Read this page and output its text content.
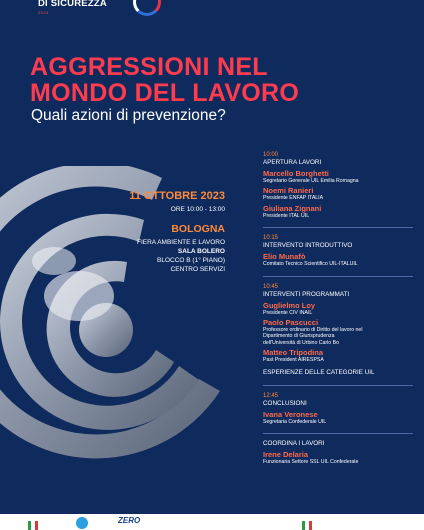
DI SICUREZZA
2023
AGGRESSIONI NEL
MONDO DEL LAVORO
Quali azioni di prevenzione?
11 OTTOBRE 2023
ORE 10:00 - 13:00
BOLOGNA
FIERA AMBIENTE E LAVORO
SALA BOLERO
BLOCCO B (1° PIANO)
CENTRO SERVIZI
10:00
APERTURA LAVORI
Marcello Borghetti
Segretario Generale UIL Emilia Romagna
Noemi Ranieri
Presidente ENFAP ITALIA
Giuliana Zignani
Presidente ITAL UIL
10:15
INTERVENTO INTRODUTTIVO
Elio Munafò
Comitato Tecnico Scientifico UIL-ITALUIL
10:45
INTERVENTI PROGRAMMATI
Guglielmo Loy
Presidente CIV INAIL
Paolo Pascucci
Professore ordinario di Diritto del lavoro nel
Dipartimento di Giurisprudenza
dell'Università di Urbino Carlo Bo
Matteo Tripodina
Past President AIRESPSA
ESPERIENZE DELLE CATEGORIE UIL
12:45
CONCLUSIONI
Ivana Veronese
Segretaria Confederale UIL
COORDINA I LAVORI
Irene Delaria
Funzionaria Settore SSL UIL Confederale
ZERO
